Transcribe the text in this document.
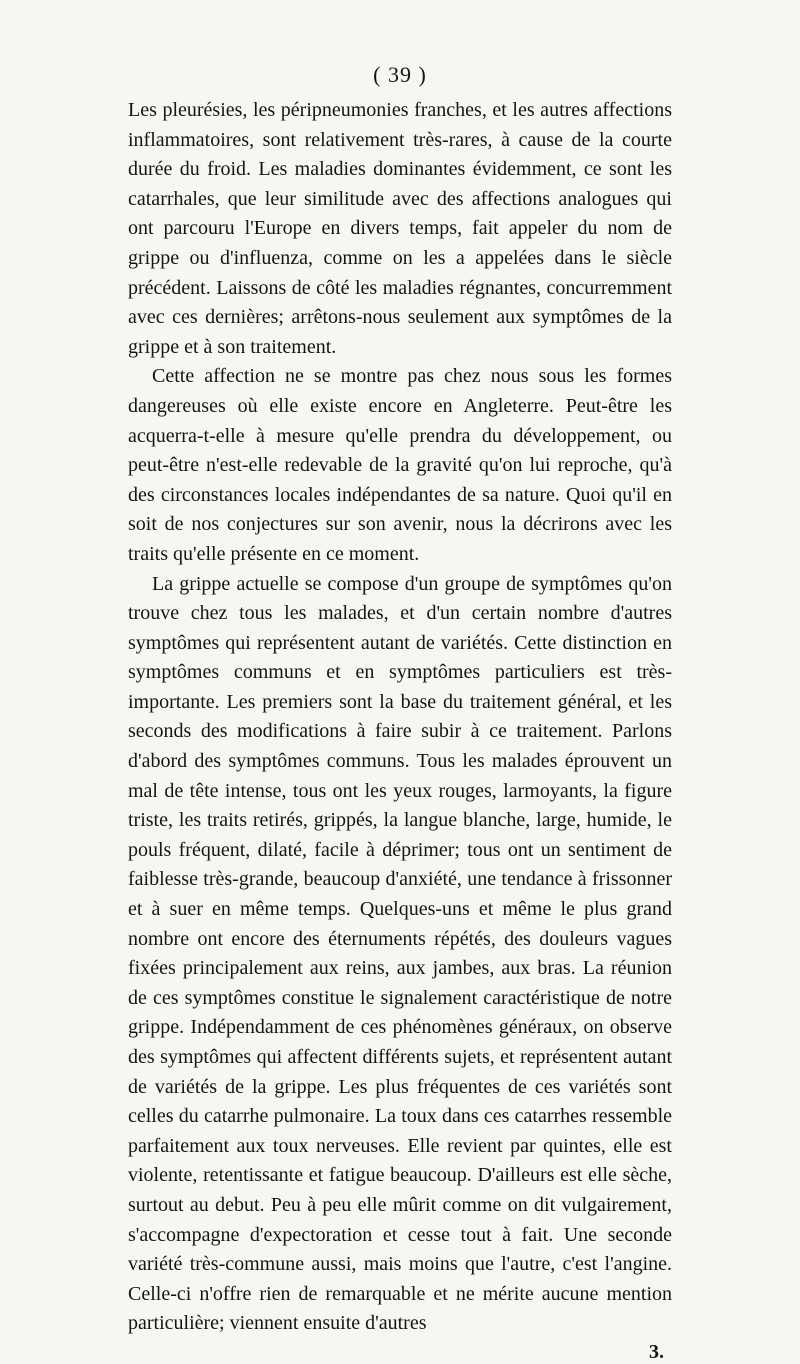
( 39 )

Les pleurésies, les péripneumonies franches, et les autres affections inflammatoires, sont relativement très-rares, à cause de la courte durée du froid. Les maladies dominantes évidemment, ce sont les catarrhales, que leur similitude avec des affections analogues qui ont parcouru l'Europe en divers temps, fait appeler du nom de grippe ou d'influenza, comme on les a appelées dans le siècle précédent. Laissons de côté les maladies régnantes, concurremment avec ces dernières; arrêtons-nous seulement aux symptômes de la grippe et à son traitement.

Cette affection ne se montre pas chez nous sous les formes dangereuses où elle existe encore en Angleterre. Peut-être les acquerra-t-elle à mesure qu'elle prendra du développement, ou peut-être n'est-elle redevable de la gravité qu'on lui reproche, qu'à des circonstances locales indépendantes de sa nature. Quoi qu'il en soit de nos conjectures sur son avenir, nous la décrirons avec les traits qu'elle présente en ce moment.

La grippe actuelle se compose d'un groupe de symptômes qu'on trouve chez tous les malades, et d'un certain nombre d'autres symptômes qui représentent autant de variétés. Cette distinction en symptômes communs et en symptômes particuliers est très-importante. Les premiers sont la base du traitement général, et les seconds des modifications à faire subir à ce traitement. Parlons d'abord des symptômes communs. Tous les malades éprouvent un mal de tête intense, tous ont les yeux rouges, larmoyants, la figure triste, les traits retirés, grippés, la langue blanche, large, humide, le pouls fréquent, dilaté, facile à déprimer; tous ont un sentiment de faiblesse très-grande, beaucoup d'anxiété, une tendance à frissonner et à suer en même temps. Quelques-uns et même le plus grand nombre ont encore des éternuments répétés, des douleurs vagues fixées principalement aux reins, aux jambes, aux bras. La réunion de ces symptômes constitue le signalement caractéristique de notre grippe. Indépendamment de ces phénomènes généraux, on observe des symptômes qui affectent différents sujets, et représentent autant de variétés de la grippe. Les plus fréquentes de ces variétés sont celles du catarrhe pulmonaire. La toux dans ces catarrhes ressemble parfaitement aux toux nerveuses. Elle revient par quintes, elle est violente, retentissante et fatigue beaucoup. D'ailleurs est elle sèche, surtout au debut. Peu à peu elle mûrit comme on dit vulgairement, s'accompagne d'expectoration et cesse tout à fait. Une seconde variété très-commune aussi, mais moins que l'autre, c'est l'angine. Celle-ci n'offre rien de remarquable et ne mérite aucune mention particulière; viennent ensuite d'autres

3.
